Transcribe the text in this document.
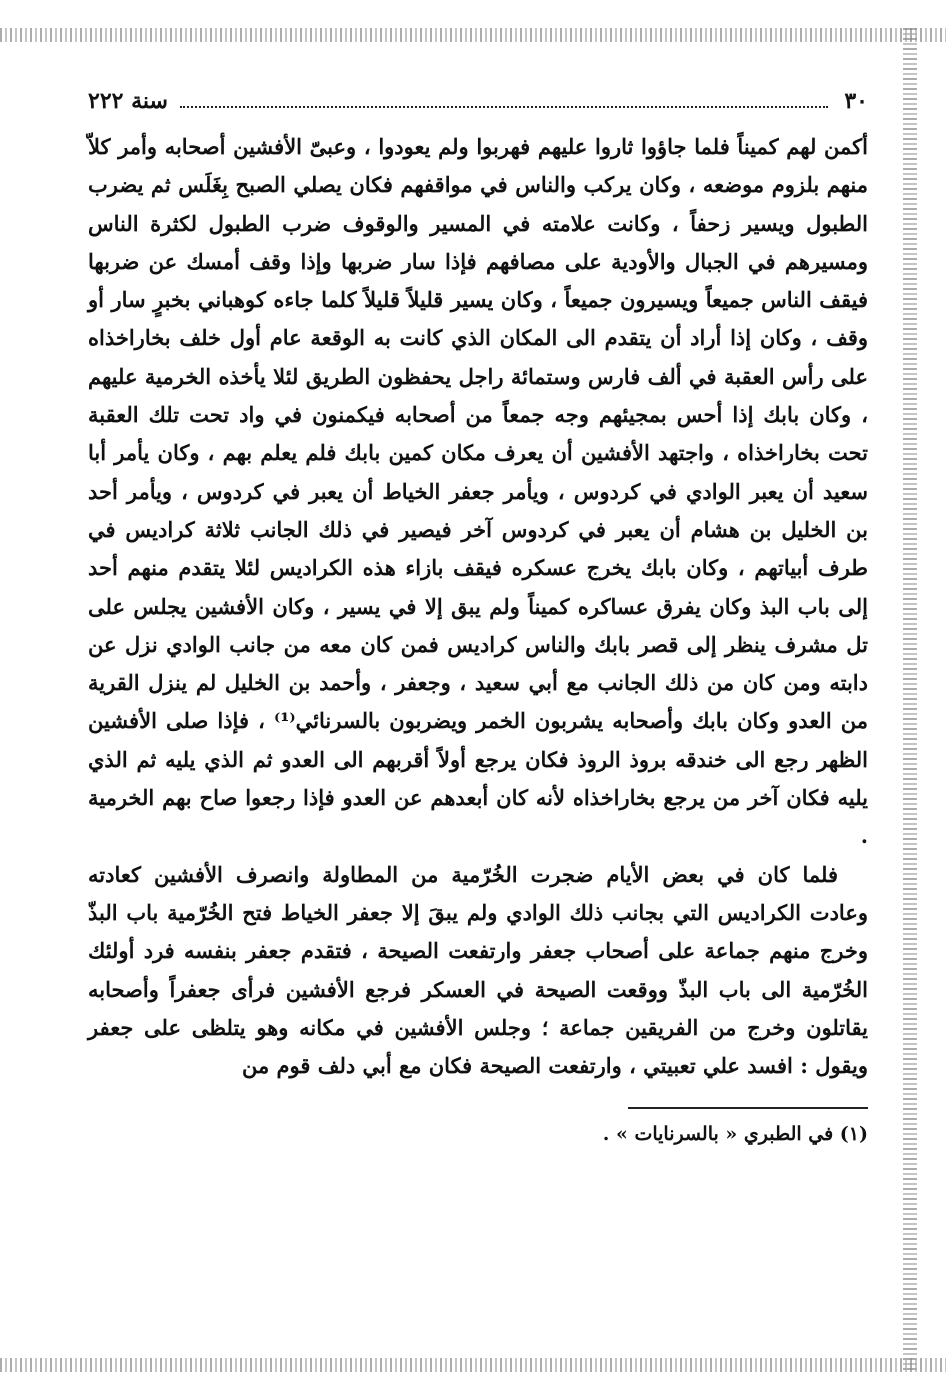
٣٠
سنة ٢٢٢

أكمن لهم كميناً فلما جاؤوا ثاروا عليهم فهربوا ولم يعودوا ، وعبىّ الأفشين أصحابه وأمر كلاّ منهم بلزوم موضعه ، وكان يركب والناس في مواقفهم فكان يصلي الصبح بِغَلَس ثم يضرب الطبول ويسير زحفاً ، وكانت علامته في المسير والوقوف ضرب الطبول لكثرة الناس ومسيرهم في الجبال والأودية على مصافهم فإذا سار ضربها وإذا وقف أمسك عن ضربها فيقف الناس جميعاً ويسيرون جميعاً ، وكان يسير قليلاً قليلاً كلما جاءه كوهباني بخبرٍ سار أو وقف ، وكان إذا أراد أن يتقدم الى المكان الذي كانت به الوقعة عام أول خلف بخاراخذاه على رأس العقبة في ألف فارس وستمائة راجل يحفظون الطريق لئلا يأخذه الخرمية عليهم ، وكان بابك إذا أحس بمجيئهم وجه جمعاً من أصحابه فيكمنون في واد تحت تلك العقبة تحت بخاراخذاه ، واجتهد الأفشين أن يعرف مكان كمين بابك فلم يعلم بهم ، وكان يأمر أبا سعيد أن يعبر الوادي في كردوس ، ويأمر جعفر الخياط أن يعبر في كردوس ، ويأمر أحد بن الخليل بن هشام أن يعبر في كردوس آخر فيصير في ذلك الجانب ثلاثة كراديس في طرف أبياتهم ، وكان بابك يخرج عسكره فيقف بازاء هذه الكراديس لئلا يتقدم منهم أحد إلى باب البذ وكان يفرق عساكره كميناً ولم يبق إلا في يسير ، وكان الأفشين يجلس على تل مشرف ينظر إلى قصر بابك والناس كراديس فمن كان معه من جانب الوادي نزل عن دابته ومن كان من ذلك الجانب مع أبي سعيد ، وجعفر ، وأحمد بن الخليل لم ينزل القرية من العدو وكان بابك وأصحابه يشربون الخمر ويضربون بالسرنائي⁽¹⁾ ، فإذا صلى الأفشين الظهر رجع الى خندقه بروذ الروذ فكان يرجع أولاً أقربهم الى العدو ثم الذي يليه ثم الذي يليه فكان آخر من يرجع بخاراخذاه لأنه كان أبعدهم عن العدو فإذا رجعوا صاح بهم الخرمية .

فلما كان في بعض الأيام ضجرت الخُرّمية من المطاولة وانصرف الأفشين كعادته وعادت الكراديس التي بجانب ذلك الوادي ولم يبقَ إلا جعفر الخياط فتح الخُرّمية باب البذّ وخرج منهم جماعة على أصحاب جعفر وارتفعت الصيحة ، فتقدم جعفر بنفسه فرد أولئك الخُرّمية الى باب البذّ ووقعت الصيحة في العسكر فرجع الأفشين فرأى جعفراً وأصحابه يقاتلون وخرج من الفريقين جماعة ؛ وجلس الأفشين في مكانه وهو يتلظى على جعفر ويقول : افسد علي تعبيتي ، وارتفعت الصيحة فكان مع أبي دلف قوم من

(١) في الطبري « بالسرنايات » .
